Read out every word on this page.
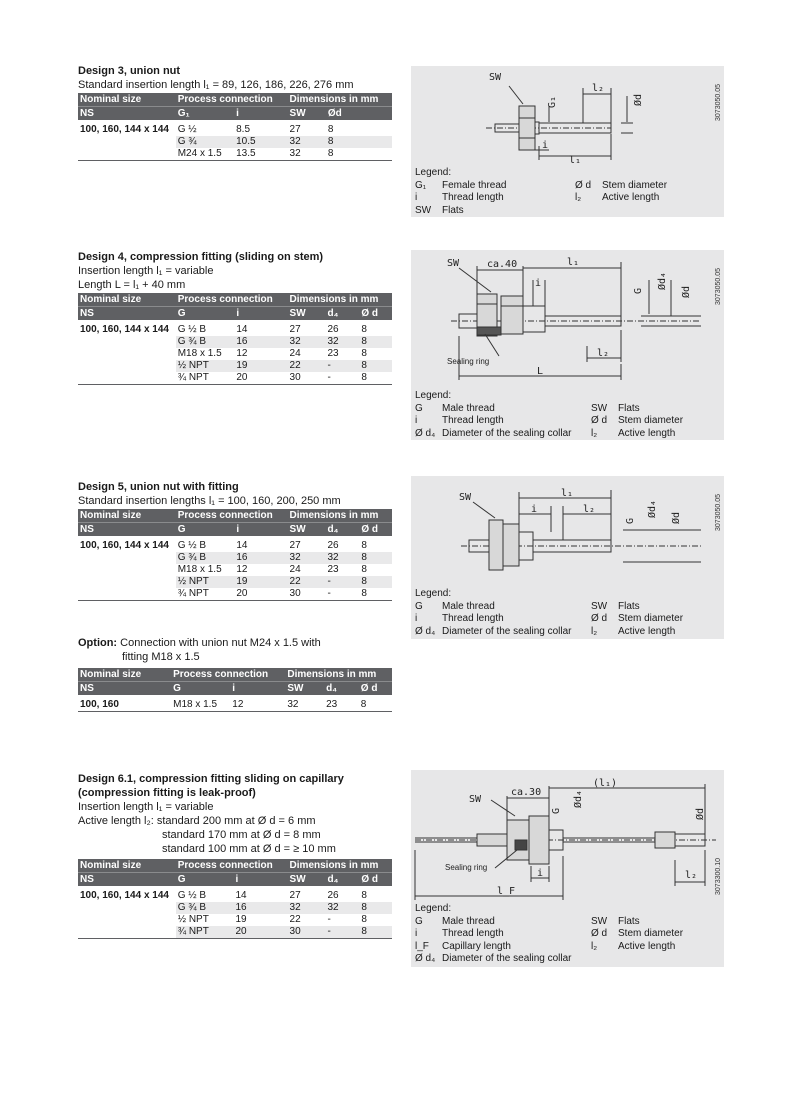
Design 3, union nut

Standard insertion length l₁ = 89, 126, 186, 226, 276 mm

Nominal size	Process connection		Dimensions in mm		
NS	G₁	i	SW	Ød	

100, 160, 144 x 144	G ½	8.5	27	8	
	G ¾	10.5	32	8	
	M24 x 1.5	13.5	32	8	
SW
l₂
G₁	Ød
i
l₁
3073050.05
Legend:
G₁ Female thread	Ø d Stem diameter
i Thread length	l₂ Active length
SW Flats

Design 4, compression fitting (sliding on stem)

Insertion length l₁ = variable

Length L = l₁ + 40 mm

Nominal size	Process connection		Dimensions in mm		
NS	G	i	SW	d₄	Ø d

100, 160, 144 x 144	G ½ B	14	27	26	8
	G ¾ B	16	32	32	8
	M18 x 1.5	12	24	23	8
	½ NPT	19	22	-	8
	¾ NPT	20	30	-	8
SW	ca.40	l₁
i
G
Ød₄
Ød
l₂
L
Sealing ring
3073050.05
Legend:
G Male thread	SW Flats
i Thread length	Ø d Stem diameter
Ø d₄ Diameter of the sealing collar l₂ Active length

Design 5, union nut with fitting

Standard insertion lengths l₁ = 100, 160, 200, 250 mm

Nominal size	Process connection		Dimensions in mm		
NS	G	i	SW	d₄	Ø d

100, 160, 144 x 144	G ½ B	14	27	26	8
	G ¾ B	16	32	32	8
	M18 x 1.5	12	24	23	8
	½ NPT	19	22	-	8
	¾ NPT	20	30	-	8
SW	l₁
i	l₂
G
Ød₄ Ød	3073050.05
Legend:
G Male thread	SW Flats
i Thread length	Ø d Stem diameter
Ø d₄ Diameter of the sealing collar l₂ Active length

Option: Connection with union nut M24 x 1.5 with

fitting M18 x 1.5

Nominal size	Process connection		Dimensions in mm		
NS	G	i	SW	d₄	Ø d

100, 160	M18 x 1.5	12	32	23	8

Design 6.1, compression fitting sliding on capillary

(compression fitting is leak-proof)

Insertion length l₁ = variable

Active length l₂: standard 200 mm at Ø d = 6 mm

standard 170 mm at Ø d = 8 mm

standard 100 mm at Ø d = ≥ 10 mm

Nominal size	Process connection		Dimensions in mm		
NS	G	i	SW	d₄	Ø d

100, 160, 144 x 144	G ½ B	14	27	26	8
	G ¾ B	16	32	32	8
	½ NPT	19	22	-	8
	¾ NPT	20	30	-	8
SW
ca.30
(l₁)
G
Ød₄
Ød
i	l₂
l_F
Sealing ring	3073300.10
Legend:
G Male thread	SW Flats
i Thread length	Ø d Stem diameter
l_F Capillary length	l₂ Active length
Ø d₄ Diameter of the sealing collar
